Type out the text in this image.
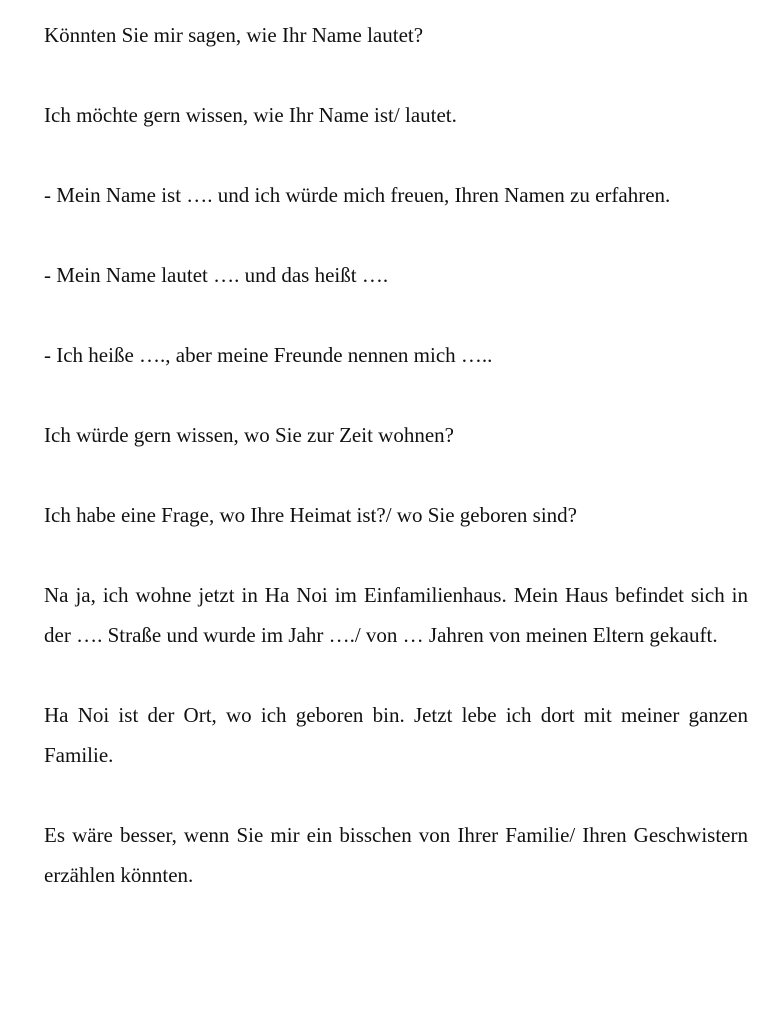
Könnten Sie mir sagen, wie Ihr Name lautet?

Ich möchte gern wissen, wie Ihr Name ist/ lautet.

- Mein Name ist …. und ich würde mich freuen, Ihren Namen zu erfahren.

- Mein Name lautet …. und das heißt ….

- Ich heiße …., aber meine Freunde nennen mich …..

Ich würde gern wissen, wo Sie zur Zeit wohnen?

Ich habe eine Frage, wo Ihre Heimat ist?/ wo Sie geboren sind?

Na ja, ich wohne jetzt in Ha Noi im Einfamilienhaus. Mein Haus befindet sich in der …. Straße und wurde im Jahr …./ von … Jahren von meinen Eltern gekauft.

Ha Noi ist der Ort, wo ich geboren bin. Jetzt lebe ich dort mit meiner ganzen Familie.

Es wäre besser, wenn Sie mir ein bisschen von Ihrer Familie/ Ihren Geschwistern erzählen könnten.
